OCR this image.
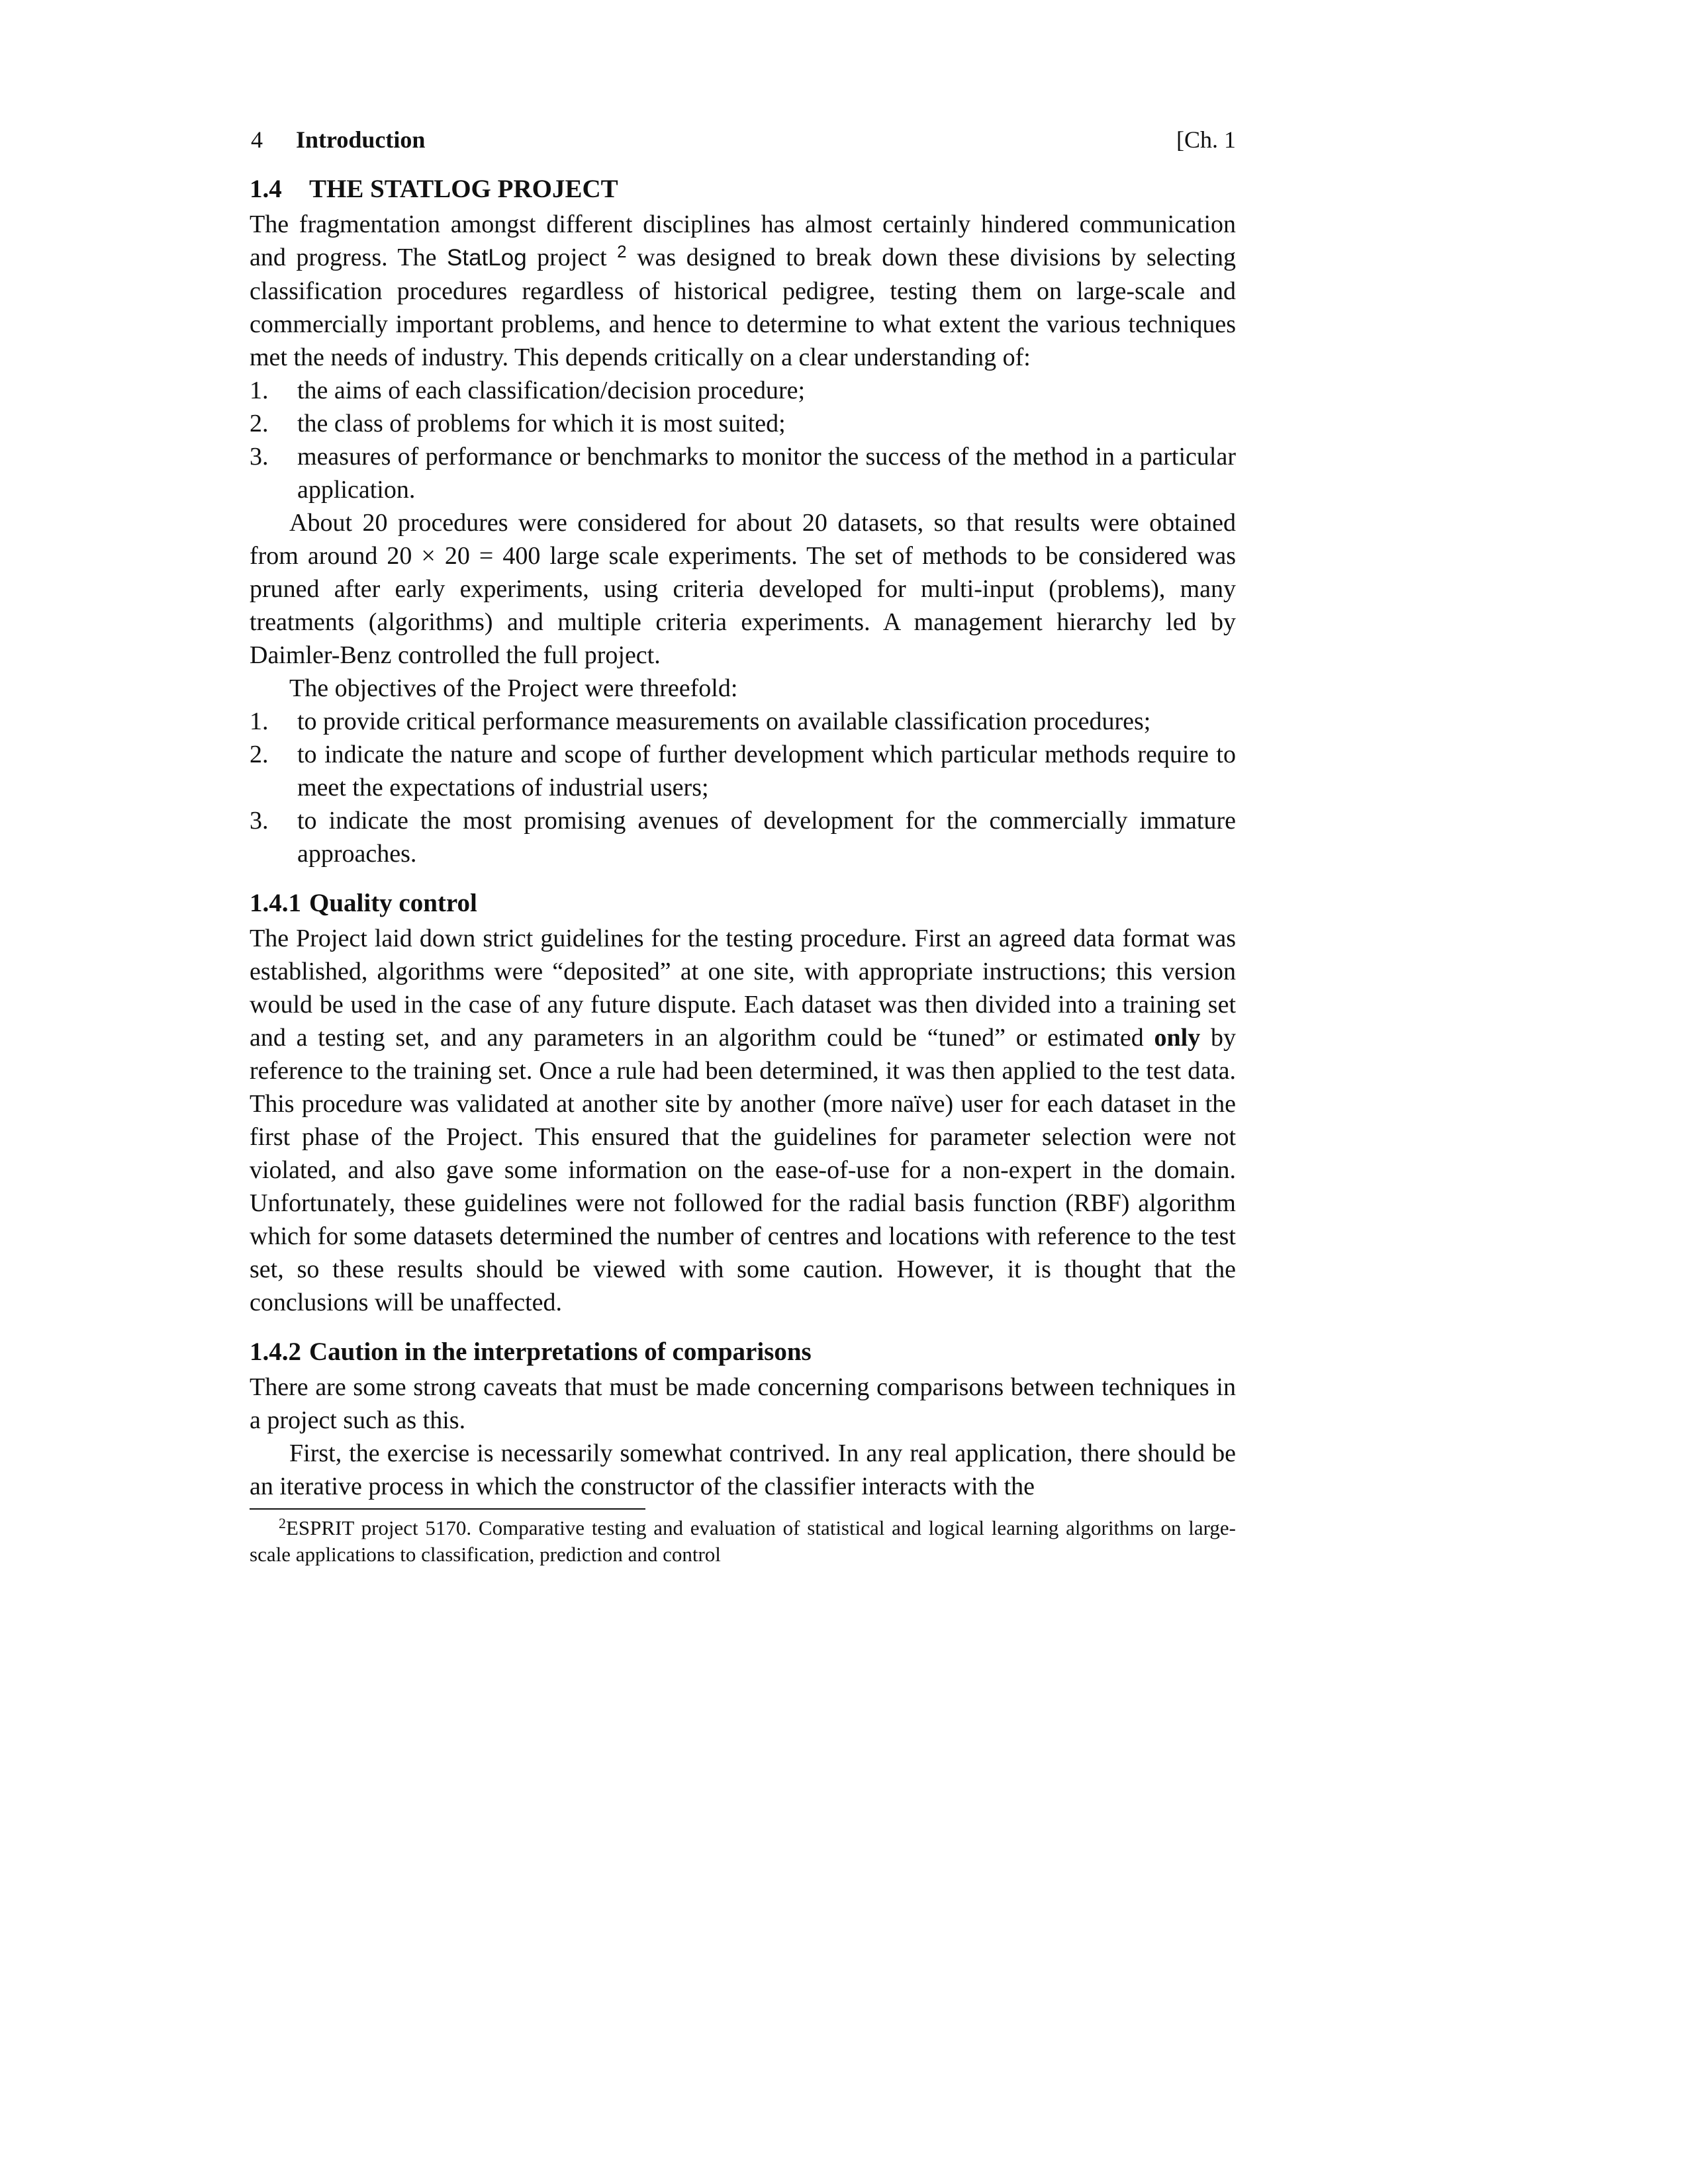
4 Introduction	[Ch. 1
1.4 THE STATLOG PROJECT

The fragmentation amongst different disciplines has almost certainly hindered communication and progress. The StatLog project $^2$ was designed to break down these divisions by selecting classification procedures regardless of historical pedigree, testing them on large-scale and commercially important problems, and hence to determine to what extent the various techniques met the needs of industry. This depends critically on a clear understanding of:

1. the aims of each classification/decision procedure;
2. the class of problems for which it is most suited;
3. measures of performance or benchmarks to monitor the success of the method in a particular application.

About 20 procedures were considered for about 20 datasets, so that results were obtained from around 20 × 20 = 400 large scale experiments. The set of methods to be considered was pruned after early experiments, using criteria developed for multi-input (problems), many treatments (algorithms) and multiple criteria experiments. A management hierarchy led by Daimler-Benz controlled the full project.

The objectives of the Project were threefold:

1. to provide critical performance measurements on available classification procedures;
2. to indicate the nature and scope of further development which particular methods require to meet the expectations of industrial users;
3. to indicate the most promising avenues of development for the commercially immature approaches.
1.4.1 Quality control

The Project laid down strict guidelines for the testing procedure. First an agreed data format was established, algorithms were “deposited” at one site, with appropriate instructions; this version would be used in the case of any future dispute. Each dataset was then divided into a training set and a testing set, and any parameters in an algorithm could be “tuned” or estimated only by reference to the training set. Once a rule had been determined, it was then applied to the test data. This procedure was validated at another site by another (more naïve) user for each dataset in the first phase of the Project. This ensured that the guidelines for parameter selection were not violated, and also gave some information on the ease-of-use for a non-expert in the domain. Unfortunately, these guidelines were not followed for the radial basis function (RBF) algorithm which for some datasets determined the number of centres and locations with reference to the test set, so these results should be viewed with some caution. However, it is thought that the conclusions will be unaffected.

1.4.2 Caution in the interpretations of comparisons

There are some strong caveats that must be made concerning comparisons between techniques in a project such as this.

First, the exercise is necessarily somewhat contrived. In any real application, there should be an iterative process in which the constructor of the classifier interacts with the

$^2$ESPRIT project 5170. Comparative testing and evaluation of statistical and logical learning algorithms on large-scale applications to classification, prediction and control
